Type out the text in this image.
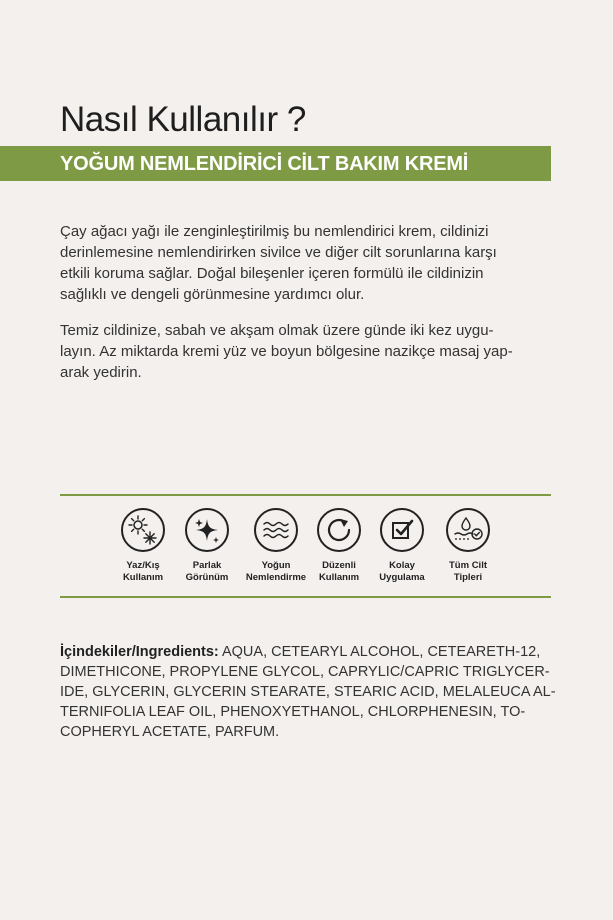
Nasıl Kullanılır ?
YOĞUM NEMLENDİRİCİ CİLT BAKIM KREMİ

Çay ağacı yağı ile zenginleştirilmiş bu nemlendirici krem, cildinizi
derinlemesine nemlendirirken sivilce ve diğer cilt sorunlarına karşı
etkili koruma sağlar. Doğal bileşenler içeren formülü ile cildinizin
sağlıklı ve dengeli görünmesine yardımcı olur.

Temiz cildinize, sabah ve akşam olmak üzere günde iki kez uygu-
layın. Az miktarda kremi yüz ve boyun bölgesine nazikçe masaj yap-
arak yedirin.

Yaz/Kış
Kullanım
Parlak
Görünüm
Yoğun
Nemlendirme
Düzenli
Kullanım
Kolay
Uygulama
Tüm Cilt
Tipleri

İçindekiler/Ingredients: AQUA, CETEARYL ALCOHOL, CETEARETH-12,
DIMETHICONE, PROPYLENE GLYCOL, CAPRYLIC/CAPRIC TRIGLYCER-
IDE, GLYCERIN, GLYCERIN STEARATE, STEARIC ACID, MELALEUCA AL-
TERNIFOLIA LEAF OIL, PHENOXYETHANOL, CHLORPHENESIN, TO-
COPHERYL ACETATE, PARFUM.
